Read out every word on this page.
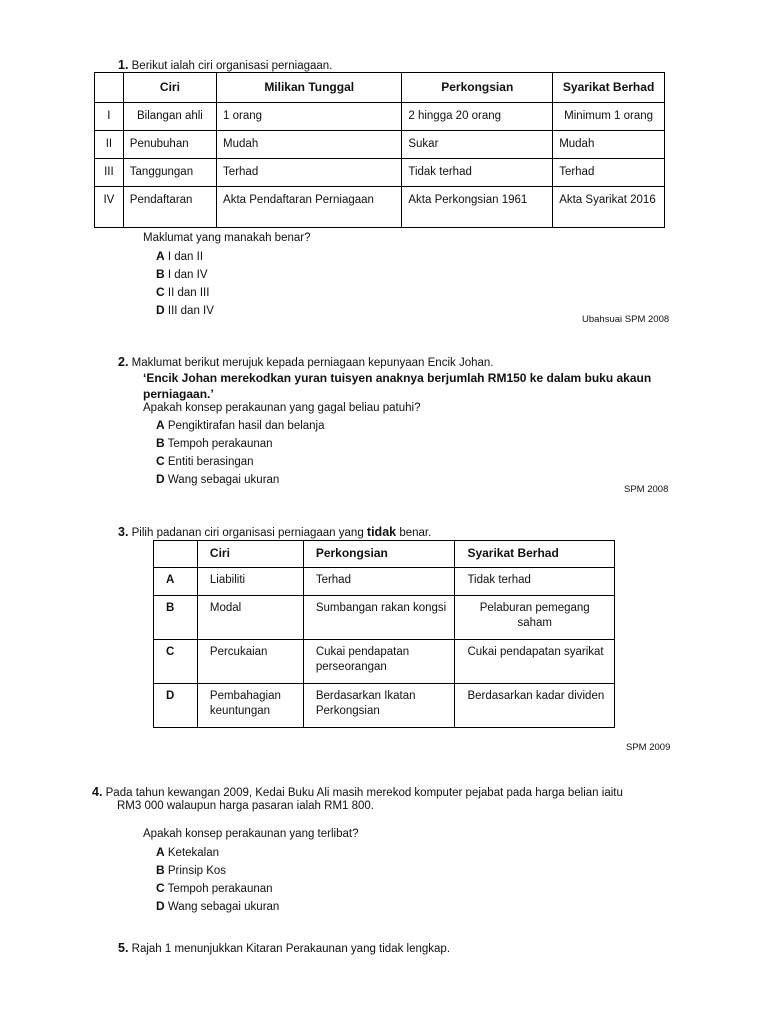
1. Berikut ialah ciri organisasi perniagaan.
	Ciri	Milikan Tunggal	Perkongsian	Syarikat Berhad
I	Bilangan ahli	1 orang	2 hingga 20 orang	Minimum 1 orang
II	Penubuhan	Mudah	Sukar	Mudah
III	Tanggungan	Terhad	Tidak terhad	Terhad
IV	Pendaftaran	Akta Pendaftaran Perniagaan	Akta Perkongsian 1961	Akta Syarikat 2016
Maklumat yang manakah benar?
A I dan II
B I dan IV
C II dan III
D III dan IV
Ubahsuai SPM 2008
2. Maklumat berikut merujuk kepada perniagaan kepunyaan Encik Johan.
‘Encik Johan merekodkan yuran tuisyen anaknya berjumlah RM150 ke dalam buku akaun
perniagaan.’
Apakah konsep perakaunan yang gagal beliau patuhi?
A Pengiktirafan hasil dan belanja
B Tempoh perakaunan
C Entiti berasingan
D Wang sebagai ukuran
SPM 2008
3. Pilih padanan ciri organisasi perniagaan yang tidak benar.
	Ciri	Perkongsian	Syarikat Berhad
A	Liabiliti	Terhad	Tidak terhad
B	Modal	Sumbangan rakan kongsi	Pelaburan pemegang saham
C	Percukaian	Cukai pendapatan perseorangan	Cukai pendapatan syarikat
D	Pembahagian keuntungan	Berdasarkan Ikatan Perkongsian	Berdasarkan kadar dividen
SPM 2009
4. Pada tahun kewangan 2009, Kedai Buku Ali masih merekod komputer pejabat pada harga belian iaitu
RM3 000 walaupun harga pasaran ialah RM1 800.
Apakah konsep perakaunan yang terlibat?
A Ketekalan
B Prinsip Kos
C Tempoh perakaunan
D Wang sebagai ukuran
5. Rajah 1 menunjukkan Kitaran Perakaunan yang tidak lengkap.
